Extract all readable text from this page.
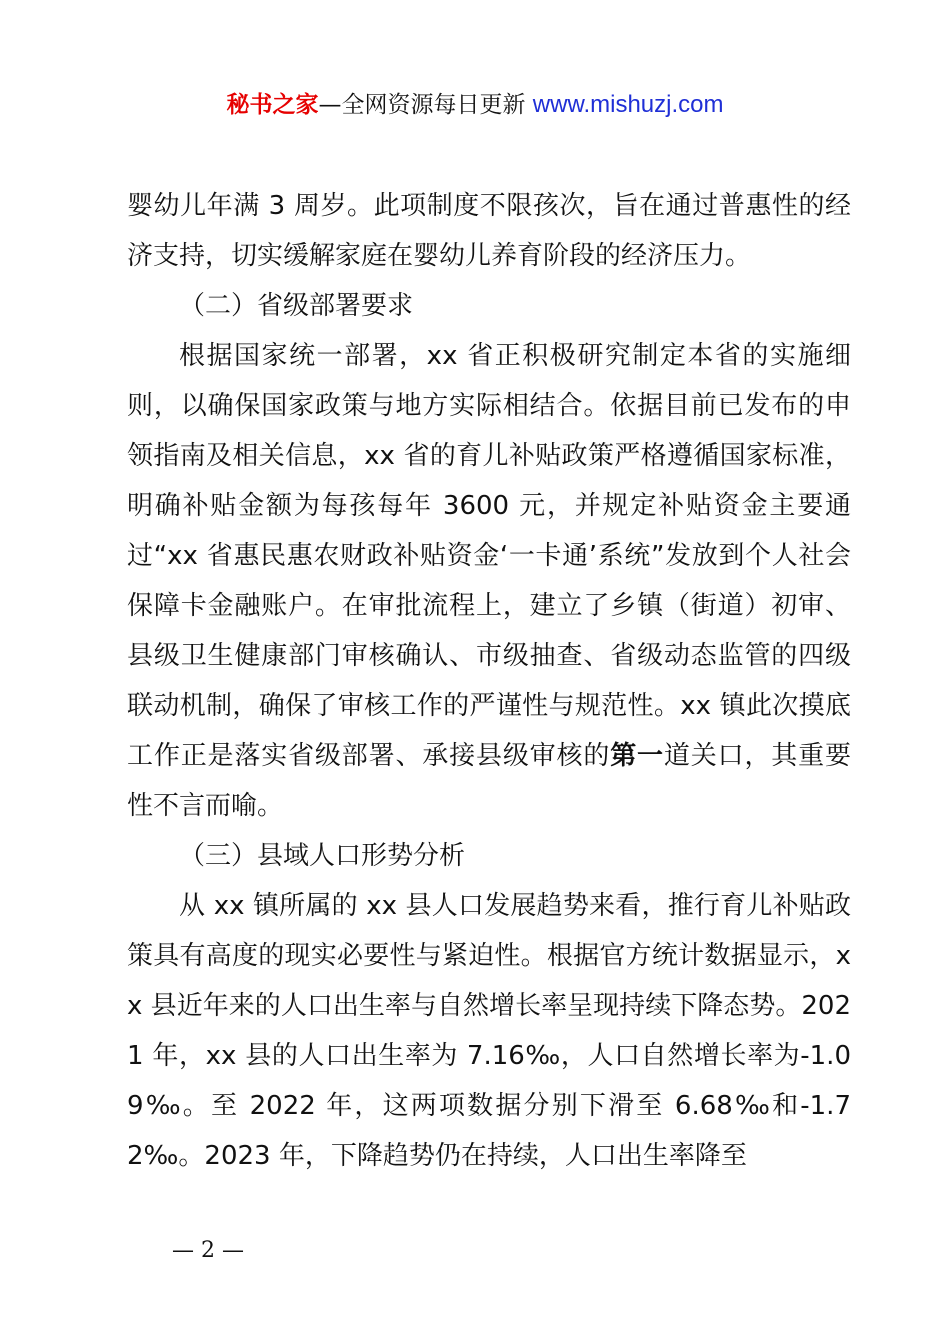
秘书之家—全网资源每日更新 www.mishuzj.com

婴幼儿年满 3 周岁。此项制度不限孩次，旨在通过普惠性的经济支持，切实缓解家庭在婴幼儿养育阶段的经济压力。

（二）省级部署要求

根据国家统一部署，xx 省正积极研究制定本省的实施细则，以确保国家政策与地方实际相结合。依据目前已发布的申领指南及相关信息，xx 省的育儿补贴政策严格遵循国家标准，明确补贴金额为每孩每年 3600 元，并规定补贴资金主要通过“xx 省惠民惠农财政补贴资金‘一卡通’系统”发放到个人社会保障卡金融账户。在审批流程上，建立了乡镇（街道）初审、县级卫生健康部门审核确认、市级抽查、省级动态监管的四级联动机制，确保了审核工作的严谨性与规范性。xx 镇此次摸底工作正是落实省级部署、承接县级审核的第一道关口，其重要性不言而喻。

（三）县域人口形势分析

从 xx 镇所属的 xx 县人口发展趋势来看，推行育儿补贴政策具有高度的现实必要性与紧迫性。根据官方统计数据显示，xx 县近年来的人口出生率与自然增长率呈现持续下降态势。2021 年，xx 县的人口出生率为 7.16‰，人口自然增长率为-1.09‰。至 2022 年，这两项数据分别下滑至 6.68‰和-1.72‰。2023 年，下降趋势仍在持续，人口出生率降至

— 2 —
